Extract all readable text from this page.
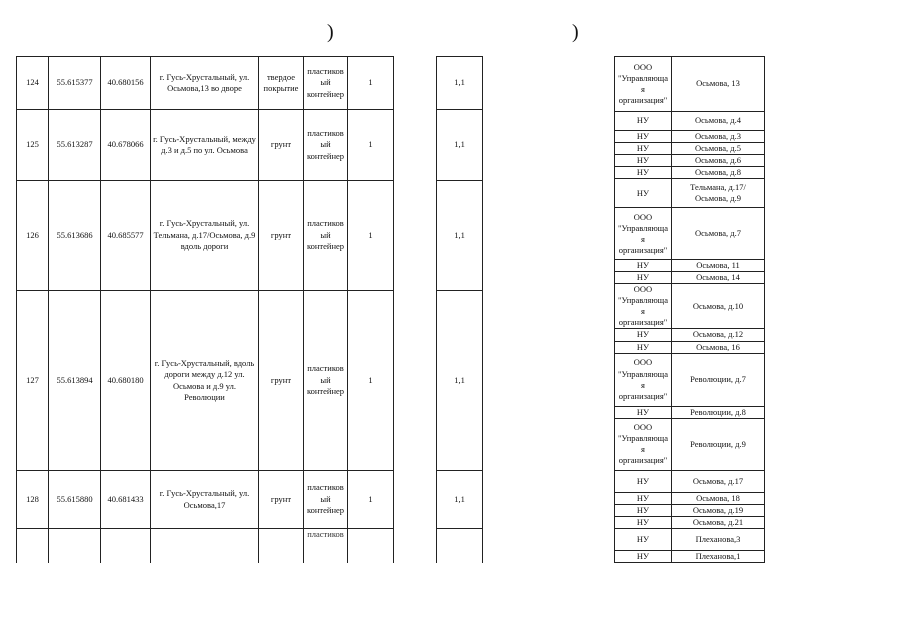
)	)
124	55.615377	40.680156	г. Гусь-Хрустальный, ул. Осьмова,13 во дворе	твердое покрытие	пластиков ый контейнер	1
125	55.613287	40.678066	г. Гусь-Хрустальный, между д.3 и д.5 по ул. Осьмова	грунт	пластиков ый контейнер	1
126	55.613686	40.685577	г. Гусь-Хрустальный, ул. Тельмана, д.17/Осьмова, д.9 вдоль дороги	грунт	пластиков ый контейнер	1
127	55.613894	40.680180	г. Гусь-Хрустальный, вдоль дороги между д.12 ул. Осьмова и д.9 ул. Революции	грунт	пластиков ый контейнер	1
128	55.615880	40.681433	г. Гусь-Хрустальный, ул. Осьмова,17	грунт	пластиков ый контейнер	1
					пластиков	
1,1
1,1
1,1
1,1
1,1

ООО "Управляюща я организация"	Осьмова, 13
НУ	Осьмова, д.4
НУ	Осьмова, д.3
НУ	Осьмова, д.5
НУ	Осьмова, д.6
НУ	Осьмова, д.8
НУ	Тельмана, д.17/Осьмова, д.9
ООО "Управляюща я организация"	Осьмова, д.7
НУ	Осьмова, 11
НУ	Осьмова, 14
ООО "Управляюща я организация"	Осьмова, д.10
НУ	Осьмова, д.12
НУ	Осьмова, 16
ООО "Управляюща я организация"	Революции, д.7
НУ	Революции, д.8
ООО "Управляюща я организация"	Революции, д.9
НУ	Осьмова, д.17
НУ	Осьмова, 18
НУ	Осьмова, д.19
НУ	Осьмова, д.21
НУ	Плеханова,3
НУ	Плеханова,1
